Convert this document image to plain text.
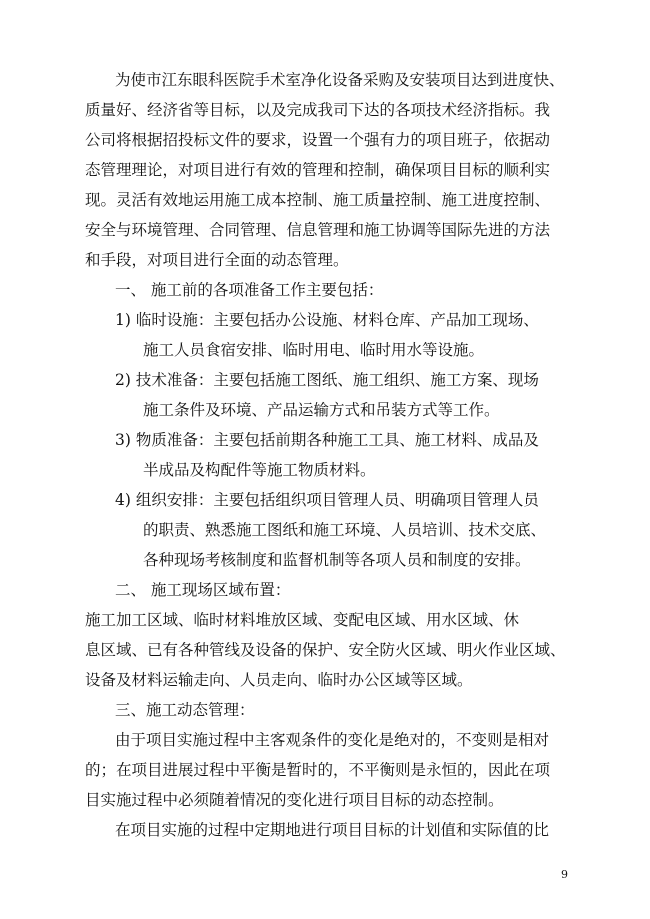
为使市江东眼科医院手术室净化设备采购及安装项目达到进度快、
质量好、经济省等目标，以及完成我司下达的各项技术经济指标。我
公司将根据招投标文件的要求，设置一个强有力的项目班子，依据动
态管理理论，对项目进行有效的管理和控制，确保项目目标的顺利实
现。灵活有效地运用施工成本控制、施工质量控制、施工进度控制、
安全与环境管理、合同管理、信息管理和施工协调等国际先进的方法
和手段，对项目进行全面的动态管理。
一、 施工前的各项准备工作主要包括：
1) 临时设施：主要包括办公设施、材料仓库、产品加工现场、
施工人员食宿安排、临时用电、临时用水等设施。
2) 技术准备：主要包括施工图纸、施工组织、施工方案、现场
施工条件及环境、产品运输方式和吊装方式等工作。
3) 物质准备：主要包括前期各种施工工具、施工材料、成品及
半成品及构配件等施工物质材料。
4) 组织安排：主要包括组织项目管理人员、明确项目管理人员
的职责、熟悉施工图纸和施工环境、人员培训、技术交底、
各种现场考核制度和监督机制等各项人员和制度的安排。
二、 施工现场区域布置：
施工加工区域、临时材料堆放区域、变配电区域、用水区域、休
息区域、已有各种管线及设备的保护、安全防火区域、明火作业区域、
设备及材料运输走向、人员走向、临时办公区域等区域。
三、施工动态管理：
由于项目实施过程中主客观条件的变化是绝对的，不变则是相对
的；在项目进展过程中平衡是暂时的，不平衡则是永恒的，因此在项
目实施过程中必须随着情况的变化进行项目目标的动态控制。
在项目实施的过程中定期地进行项目目标的计划值和实际值的比
9
